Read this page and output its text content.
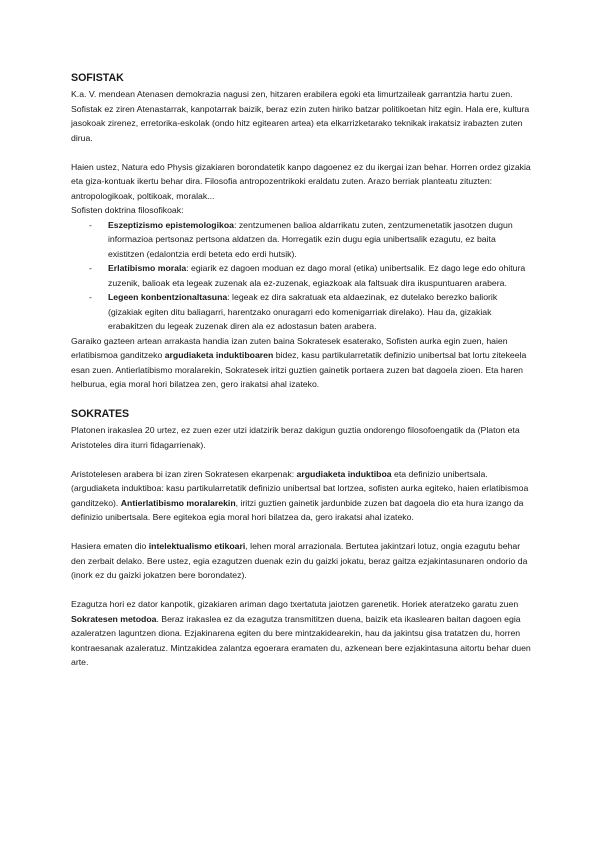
SOFISTAK

K.a. V. mendean Atenasen demokrazia nagusi zen, hitzaren erabilera egoki eta limurtzaileak garrantzia hartu zuen. Sofistak ez ziren Atenastarrak, kanpotarrak baizik, beraz ezin zuten hiriko batzar politikoetan hitz egin. Hala ere, kultura jasokoak zirenez, erretorika-eskolak (ondo hitz egitearen artea) eta elkarrizketarako teknikak irakatsiz irabazten zuten dirua.

Haien ustez, Natura edo Physis gizakiaren borondatetik kanpo dagoenez ez du ikergai izan behar. Horren ordez gizakia eta giza-kontuak ikertu behar dira. Filosofia antropozentrikoki eraldatu zuten. Arazo berriak planteatu zituzten: antropologikoak, poltikoak, moralak...

Sofisten doktrina filosofikoak:

- Eszeptizismo epistemologikoa: zentzumenen balioa aldarrikatu zuten, zentzumenetatik jasotzen dugun informazioa pertsonaz pertsona aldatzen da. Horregatik ezin dugu egia unibertsalik ezagutu, ez baita existitzen (edalontzia erdi beteta edo erdi hutsik).
- Erlatibismo morala: egiarik ez dagoen moduan ez dago moral (etika) unibertsalik. Ez dago lege edo ohitura zuzenik, balioak eta legeak zuzenak ala ez-zuzenak, egiazkoak ala faltsuak dira ikuspuntuaren arabera.
- Legeen konbentzionaltasuna: legeak ez dira sakratuak eta aldaezinak, ez dutelako berezko baliorik (gizakiak egiten ditu baliagarri, harentzako onuragarri edo komenigarriak direlako). Hau da, gizakiak erabakitzen du legeak zuzenak diren ala ez adostasun baten arabera.

Garaiko gazteen artean arrakasta handia izan zuten baina Sokratesek esaterako, Sofisten aurka egin zuen, haien erlatibismoa ganditzeko argudiaketa induktiboaren bidez, kasu partikularretatik definizio unibertsal bat lortu zitekeela esan zuen. Antierlatibismo moralarekin, Sokratesek iritzi guztien gainetik portaera zuzen bat dagoela zioen. Eta haren helburua, egia moral hori bilatzea zen, gero irakatsi ahal izateko.

SOKRATES

Platonen irakaslea 20 urtez, ez zuen ezer utzi idatzirik beraz dakigun guztia ondorengo filosofoengatik da (Platon eta Aristoteles dira iturri fidagarrienak).

Aristotelesen arabera bi izan ziren Sokratesen ekarpenak: argudiaketa induktiboa eta definizio unibertsala. (argudiaketa induktiboa: kasu partikularretatik definizio unibertsal bat lortzea, sofisten aurka egiteko, haien erlatibismoa ganditzeko). Antierlatibismo moralarekin, iritzi guztien gainetik jardunbide zuzen bat dagoela dio eta hura izango da definizio unibertsala. Bere egitekoa egia moral hori bilatzea da, gero irakatsi ahal izateko.

Hasiera ematen dio intelektualismo etikoari, lehen moral arrazionala. Bertutea jakintzari lotuz, ongia ezagutu behar den zerbait delako. Bere ustez, egia ezagutzen duenak ezin du gaizki jokatu, beraz gaitza ezjakintasunaren ondorio da (inork ez du gaizki jokatzen bere borondatez).

Ezagutza hori ez dator kanpotik, gizakiaren ariman dago txertatuta jaiotzen garenetik. Horiek ateratzeko garatu zuen Sokratesen metodoa. Beraz irakaslea ez da ezagutza transmititzen duena, baizik eta ikaslearen baitan dagoen egia azaleratzen laguntzen diona. Ezjakinarena egiten du bere mintzakidearekin, hau da jakintsu gisa tratatzen du, horren kontraesanak azaleratuz. Mintzakidea zalantza egoerara eramaten du, azkenean bere ezjakintasuna aitortu behar duen arte.
